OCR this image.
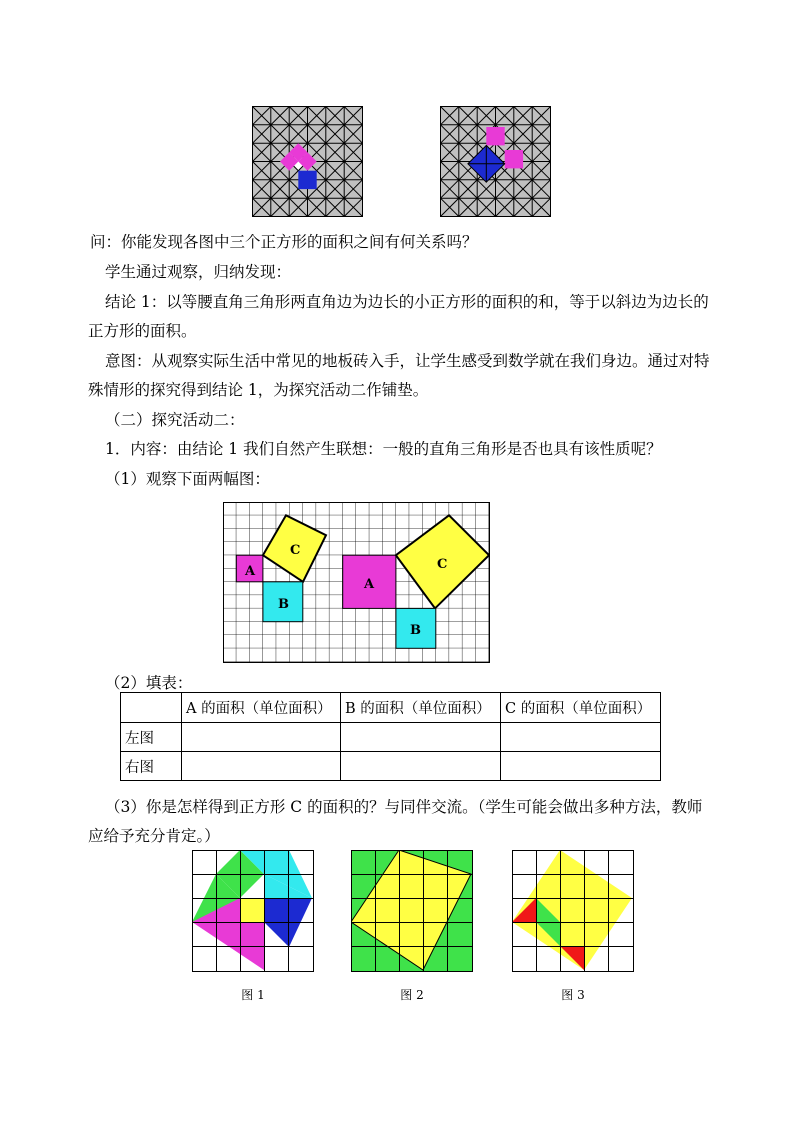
问：你能发现各图中三个正方形的面积之间有何关系吗？
学生通过观察，归纳发现：
结论 1：以等腰直角三角形两直角边为边长的小正方形的面积的和，等于以斜边为边长的
正方形的面积。
意图：从观察实际生活中常见的地板砖入手，让学生感受到数学就在我们身边。通过对特
殊情形的探究得到结论 1，为探究活动二作铺垫。
（二）探究活动二：
1．内容：由结论 1 我们自然产生联想：一般的直角三角形是否也具有该性质呢？
（1）观察下面两幅图：
A
C
B
A
C
B
（2）填表：
	A 的面积（单位面积）	B 的面积（单位面积）	C 的面积（单位面积）
左图			
右图			
（3）你是怎样得到正方形 C 的面积的？与同伴交流。（学生可能会做出多种方法，教师
应给予充分肯定。）
图 1	图 2	图 3
